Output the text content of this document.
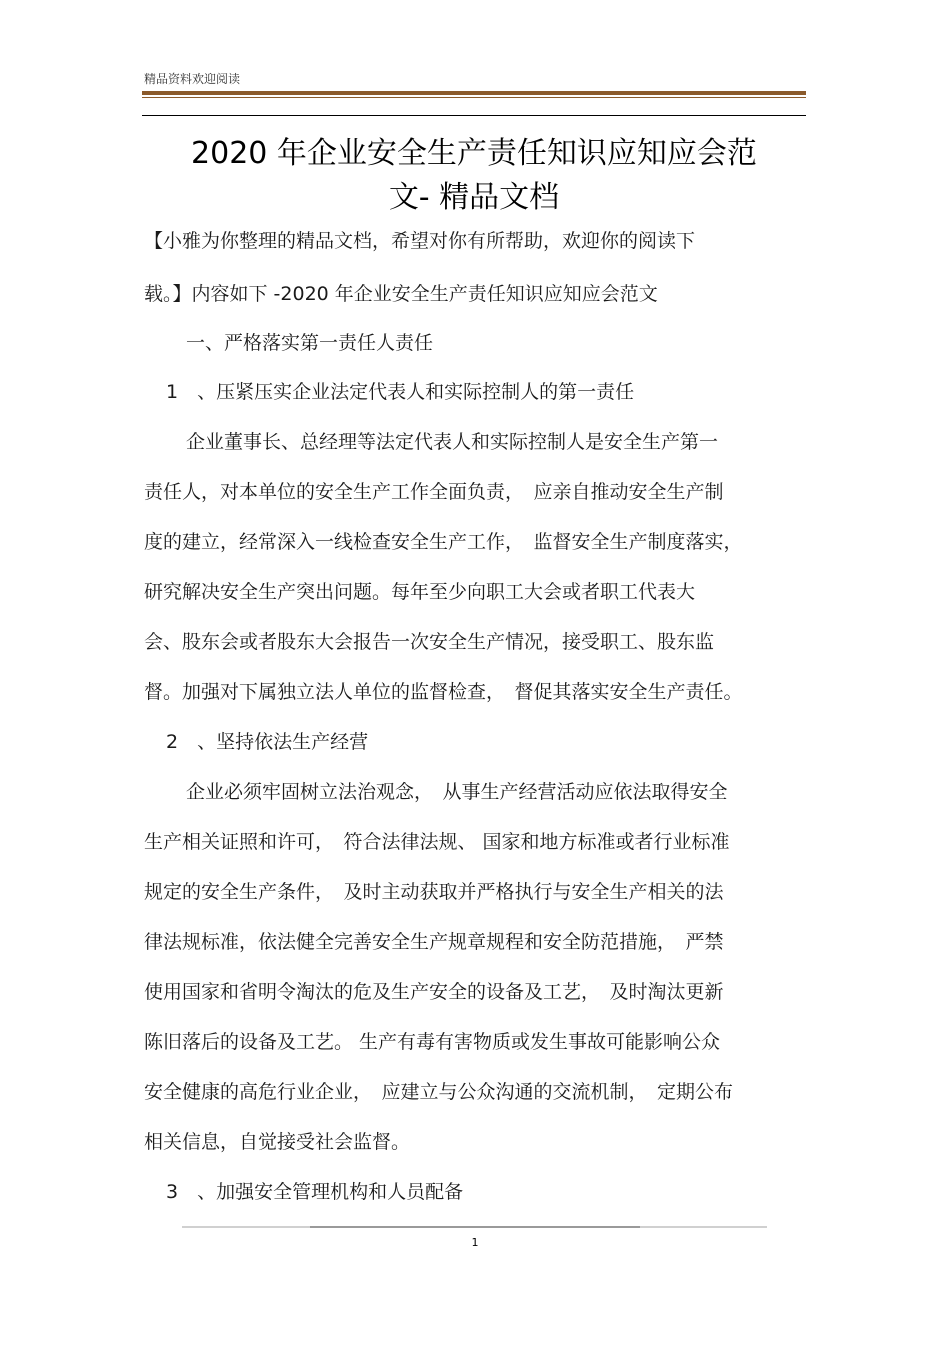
精品资料欢迎阅读
2020 年企业安全生产责任知识应知应会范
文- 精品文档
【小雅为你整理的精品文档，希望对你有所帮助，欢迎你的阅读下
载。】内容如下 -2020 年企业安全生产责任知识应知应会范文
一、严格落实第一责任人责任
1　、压紧压实企业法定代表人和实际控制人的第一责任
企业董事长、总经理等法定代表人和实际控制人是安全生产第一
责任人，对本单位的安全生产工作全面负责，　应亲自推动安全生产制
度的建立，经常深入一线检查安全生产工作，　监督安全生产制度落实，
研究解决安全生产突出问题。每年至少向职工大会或者职工代表大
会、股东会或者股东大会报告一次安全生产情况，接受职工、股东监
督。加强对下属独立法人单位的监督检查，　督促其落实安全生产责任。
2　、坚持依法生产经营
企业必须牢固树立法治观念，　从事生产经营活动应依法取得安全
生产相关证照和许可，　符合法律法规、 国家和地方标准或者行业标准
规定的安全生产条件，　及时主动获取并严格执行与安全生产相关的法
律法规标准，依法健全完善安全生产规章规程和安全防范措施，　严禁
使用国家和省明令淘汰的危及生产安全的设备及工艺，　及时淘汰更新
陈旧落后的设备及工艺。 生产有毒有害物质或发生事故可能影响公众
安全健康的高危行业企业，　应建立与公众沟通的交流机制，　定期公布
相关信息，自觉接受社会监督。
3　、加强安全管理机构和人员配备
1
